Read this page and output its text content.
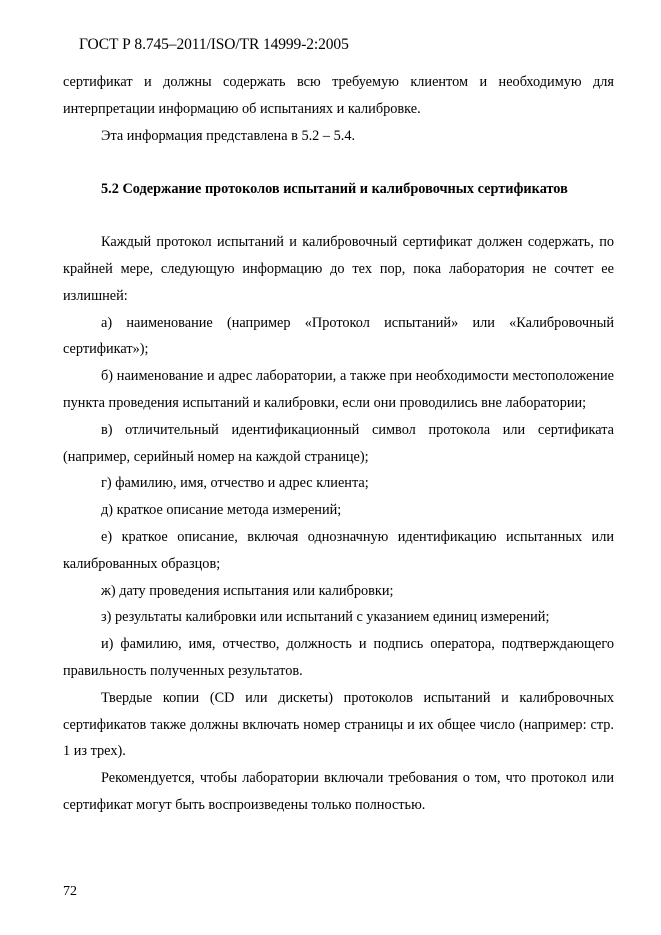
ГОСТ Р 8.745–2011/ISO/TR 14999-2:2005

сертификат и должны содержать всю требуемую клиентом и необходимую для интерпретации информацию об испытаниях и калибровке.

Эта информация представлена в 5.2 – 5.4.

5.2 Содержание протоколов испытаний и калибровочных сертификатов

Каждый протокол испытаний и калибровочный сертификат должен содержать, по крайней мере, следующую информацию до тех пор, пока лаборатория не сочтет ее излишней:

а) наименование (например «Протокол испытаний» или «Калибровочный сертификат»);

б) наименование и адрес лаборатории, а также при необходимости местоположение пункта проведения испытаний и калибровки, если они проводились вне лаборатории;

в) отличительный идентификационный символ протокола или сертификата (например, серийный номер на каждой странице);

г) фамилию, имя, отчество и адрес клиента;

д) краткое описание метода измерений;

е) краткое описание, включая однозначную идентификацию испытанных или калиброванных образцов;

ж) дату проведения испытания или калибровки;

з) результаты калибровки или испытаний с указанием единиц измерений;

и) фамилию, имя, отчество, должность и подпись оператора, подтверждающего правильность полученных результатов.

Твердые копии (CD или дискеты) протоколов испытаний и калибровочных сертификатов также должны включать номер страницы и их общее число (например: стр. 1 из трех).

Рекомендуется, чтобы лаборатории включали требования о том, что протокол или сертификат могут быть воспроизведены только полностью.

72
